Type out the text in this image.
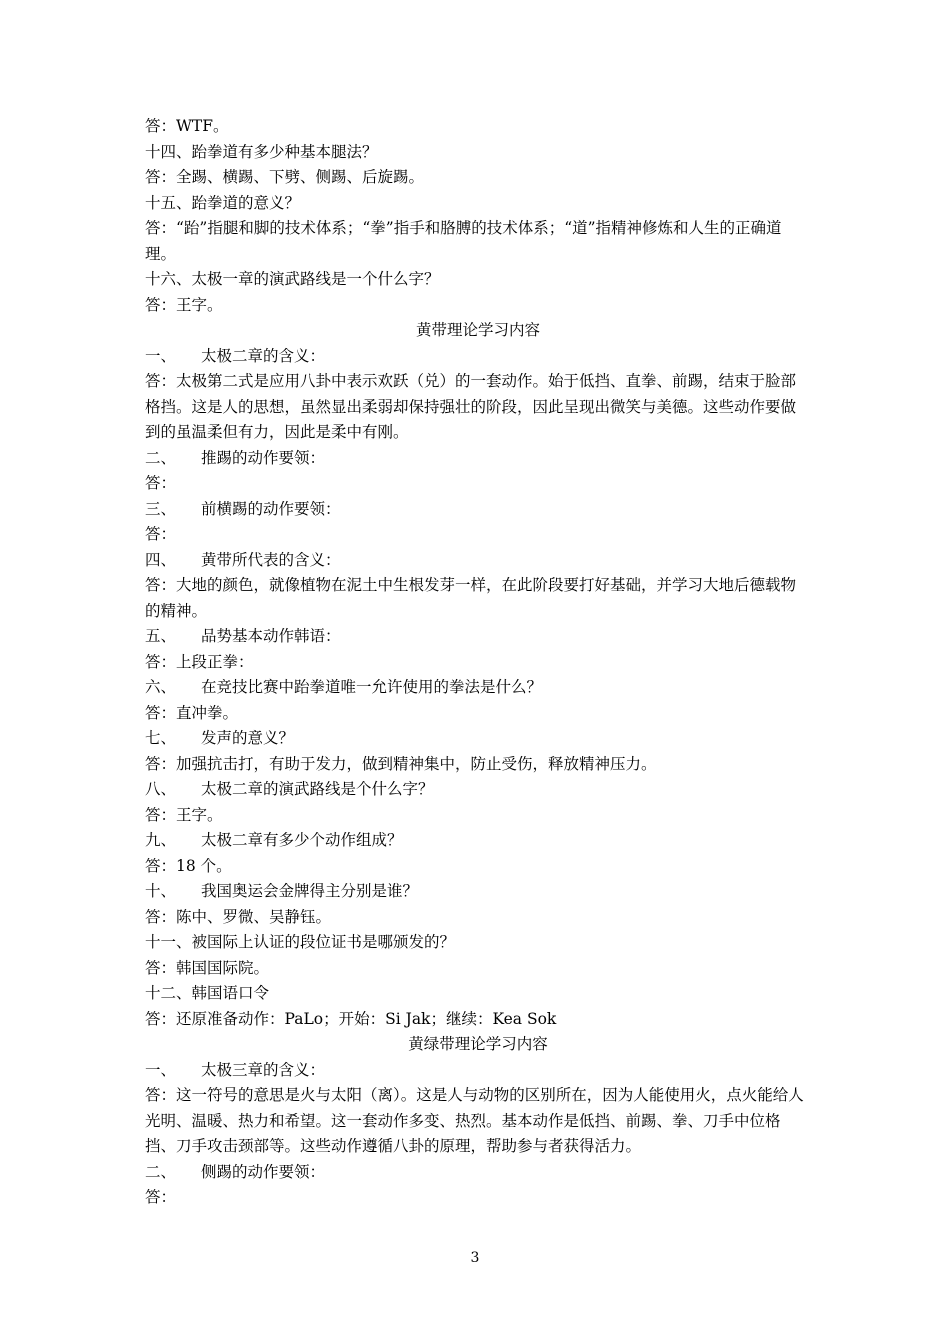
答：WTF。
十四、跆拳道有多少种基本腿法？
答：全踢、横踢、下劈、侧踢、后旋踢。
十五、跆拳道的意义？
答：“跆”指腿和脚的技术体系；“拳”指手和胳膊的技术体系；“道”指精神修炼和人生的正确道理。
十六、太极一章的演武路线是一个什么字？
答：王字。
黄带理论学习内容
一、	太极二章的含义：
答：太极第二式是应用八卦中表示欢跃（兑）的一套动作。始于低挡、直拳、前踢，结束于脸部格挡。这是人的思想，虽然显出柔弱却保持强壮的阶段，因此呈现出微笑与美德。这些动作要做到的虽温柔但有力，因此是柔中有刚。
二、	推踢的动作要领：
答：
三、	前横踢的动作要领：
答：
四、	黄带所代表的含义：
答：大地的颜色，就像植物在泥土中生根发芽一样，在此阶段要打好基础，并学习大地后德载物的精神。
五、	品势基本动作韩语：
答：上段正拳：
六、	在竞技比赛中跆拳道唯一允许使用的拳法是什么？
答：直冲拳。
七、	发声的意义？
答：加强抗击打，有助于发力，做到精神集中，防止受伤，释放精神压力。
八、	太极二章的演武路线是个什么字？
答：王字。
九、	太极二章有多少个动作组成？
答：18 个。
十、	我国奥运会金牌得主分别是谁？
答：陈中、罗微、吴静钰。
十一、被国际上认证的段位证书是哪颁发的？
答：韩国国际院。
十二、韩国语口令
答：还原准备动作：PaLo；开始：Si Jak；继续：Kea Sok
黄绿带理论学习内容
一、	太极三章的含义：
答：这一符号的意思是火与太阳（离）。这是人与动物的区别所在，因为人能使用火，点火能给人光明、温暖、热力和希望。这一套动作多变、热烈。基本动作是低挡、前踢、拳、刀手中位格挡、刀手攻击颈部等。这些动作遵循八卦的原理，帮助参与者获得活力。
二、	侧踢的动作要领：
答：
3
